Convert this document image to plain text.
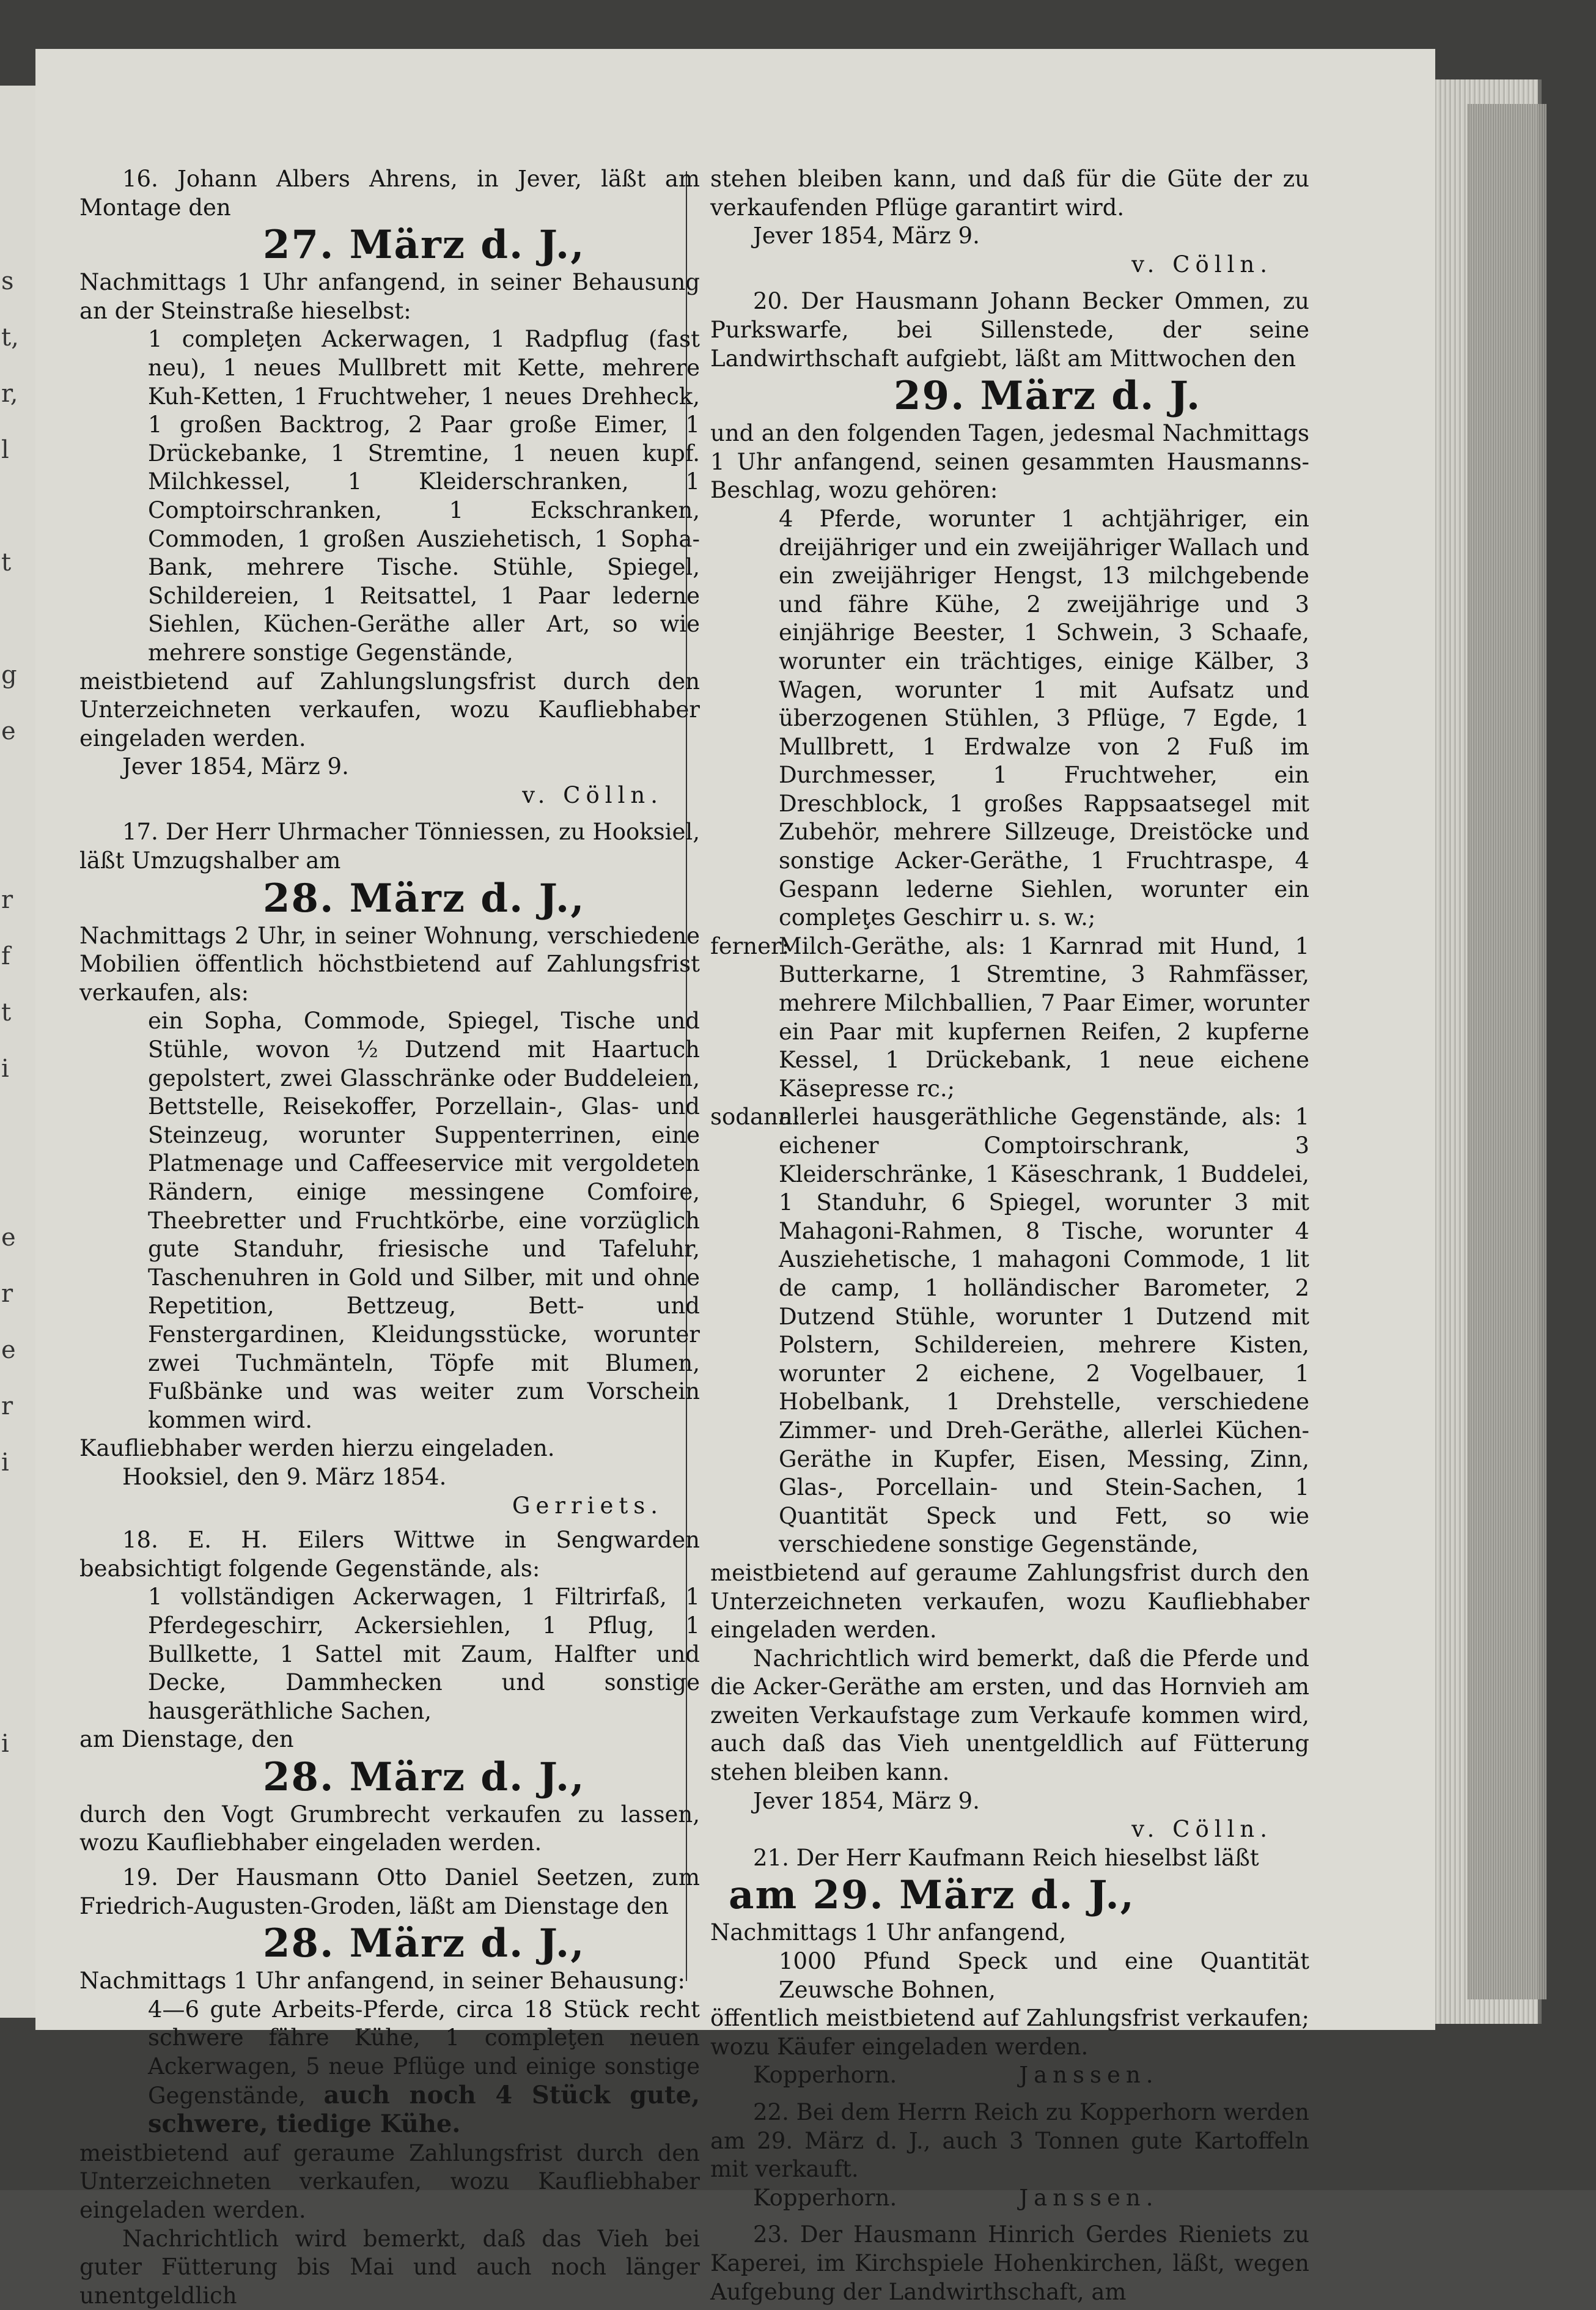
s
t,
r,
l
t
g
e
r
f
t
i
e
r
e
r
i
i

16. Johann Albers Ahrens, in Jever, läßt am Montage den

27. März d. J.,

Nachmittags 1 Uhr anfangend, in seiner Behausung an der Steinstraße hieselbst:

1 compleţen Ackerwagen, 1 Radpflug (fast neu), 1 neues Mullbrett mit Kette, mehrere Kuh-Ketten, 1 Fruchtweher, 1 neues Drehheck, 1 großen Backtrog, 2 Paar große Eimer, 1 Drückebanke, 1 Stremtine, 1 neuen kupf. Milchkessel, 1 Kleiderschranken, 1 Comptoirschranken, 1 Eckschranken, Commoden, 1 großen Ausziehetisch, 1 Sopha-Bank, mehrere Tische. Stühle, Spiegel, Schildereien, 1 Reitsattel, 1 Paar lederne Siehlen, Küchen-Geräthe aller Art, so wie mehrere sonstige Gegenstände,

meistbietend auf Zahlungslungsfrist durch den Unterzeichneten verkaufen, wozu Kaufliebhaber eingeladen werden.

Jever 1854, März 9.

v. Cölln.

17. Der Herr Uhrmacher Tönniessen, zu Hooksiel, läßt Umzugshalber am

28. März d. J.,

Nachmittags 2 Uhr, in seiner Wohnung, verschiedene Mobilien öffentlich höchstbietend auf Zahlungsfrist verkaufen, als:

ein Sopha, Commode, Spiegel, Tische und Stühle, wovon ½ Dutzend mit Haartuch gepolstert, zwei Glasschränke oder Buddeleien, Bettstelle, Reisekoffer, Porzellain-, Glas- und Steinzeug, worunter Suppenterrinen, eine Platmenage und Caffeeservice mit vergoldeten Rändern, einige messingene Comfoire, Theebretter und Fruchtkörbe, eine vorzüglich gute Standuhr, friesische und Tafeluhr, Taschenuhren in Gold und Silber, mit und ohne Repetition, Bettzeug, Bett- und Fenstergardinen, Kleidungsstücke, worunter zwei Tuchmänteln, Töpfe mit Blumen, Fußbänke und was weiter zum Vorschein kommen wird.

Kaufliebhaber werden hierzu eingeladen.

Hooksiel, den 9. März 1854.

Gerriets.

18. E. H. Eilers Wittwe in Sengwarden beabsichtigt folgende Gegenstände, als:

1 vollständigen Ackerwagen, 1 Filtrirfaß, 1 Pferdegeschirr, Ackersiehlen, 1 Pflug, 1 Bullkette, 1 Sattel mit Zaum, Halfter und Decke, Dammhecken und sonstige hausgeräthliche Sachen,

am Dienstage, den

28. März d. J.,

durch den Vogt Grumbrecht verkaufen zu lassen, wozu Kaufliebhaber eingeladen werden.

19. Der Hausmann Otto Daniel Seetzen, zum Friedrich-Augusten-Groden, läßt am Dienstage den

28. März d. J.,

Nachmittags 1 Uhr anfangend, in seiner Behausung:

4—6 gute Arbeits-Pferde, circa 18 Stück recht schwere fähre Kühe, 1 compleţen neuen Ackerwagen, 5 neue Pflüge und einige sonstige Gegenstände, auch noch 4 Stück gute, schwere, tiedige Kühe.

meistbietend auf geraume Zahlungsfrist durch den Unterzeichneten verkaufen, wozu Kaufliebhaber eingeladen werden.

Nachrichtlich wird bemerkt, daß das Vieh bei guter Fütterung bis Mai und auch noch länger unentgeldlich

stehen bleiben kann, und daß für die Güte der zu verkaufenden Pflüge garantirt wird.

Jever 1854, März 9.

v. Cölln.

20. Der Hausmann Johann Becker Ommen, zu Purkswarfe, bei Sillenstede, der seine Landwirthschaft aufgiebt, läßt am Mittwochen den

29. März d. J.

und an den folgenden Tagen, jedesmal Nachmittags 1 Uhr anfangend, seinen gesammten Hausmanns-Beschlag, wozu gehören:

4 Pferde, worunter 1 achtjähriger, ein dreijähriger und ein zweijähriger Wallach und ein zweijähriger Hengst, 13 milchgebende und fähre Kühe, 2 zweijährige und 3 einjährige Beester, 1 Schwein, 3 Schaafe, worunter ein trächtiges, einige Kälber, 3 Wagen, worunter 1 mit Aufsatz und überzogenen Stühlen, 3 Pflüge, 7 Egde, 1 Mullbrett, 1 Erdwalze von 2 Fuß im Durchmesser, 1 Fruchtweher, ein Dreschblock, 1 großes Rappsaatsegel mit Zubehör, mehrere Sillzeuge, Dreistöcke und sonstige Acker-Geräthe, 1 Fruchtraspe, 4 Gespann lederne Siehlen, worunter ein compleţes Geschirr u. s. w.;

ferner:Milch-Geräthe, als: 1 Karnrad mit Hund, 1 Butterkarne, 1 Stremtine, 3 Rahmfässer, mehrere Milchballien, 7 Paar Eimer, worunter ein Paar mit kupfernen Reifen, 2 kupferne Kessel, 1 Drückebank, 1 neue eichene Käsepresse rc.;

sodann:allerlei hausgeräthliche Gegenstände, als: 1 eichener Comptoirschrank, 3 Kleiderschränke, 1 Käseschrank, 1 Buddelei, 1 Standuhr, 6 Spiegel, worunter 3 mit Mahagoni-Rahmen, 8 Tische, worunter 4 Ausziehetische, 1 mahagoni Commode, 1 lit de camp, 1 holländischer Barometer, 2 Dutzend Stühle, worunter 1 Dutzend mit Polstern, Schildereien, mehrere Kisten, worunter 2 eichene, 2 Vogelbauer, 1 Hobelbank, 1 Drehstelle, verschiedene Zimmer- und Dreh-Geräthe, allerlei Küchen-Geräthe in Kupfer, Eisen, Messing, Zinn, Glas-, Porcellain- und Stein-Sachen, 1 Quantität Speck und Fett, so wie verschiedene sonstige Gegenstände,

meistbietend auf geraume Zahlungsfrist durch den Unterzeichneten verkaufen, wozu Kaufliebhaber eingeladen werden.

Nachrichtlich wird bemerkt, daß die Pferde und die Acker-Geräthe am ersten, und das Hornvieh am zweiten Verkaufstage zum Verkaufe kommen wird, auch daß das Vieh unentgeldlich auf Fütterung stehen bleiben kann.

Jever 1854, März 9.

v. Cölln.

21. Der Herr Kaufmann Reich hieselbst läßt

am 29. März d. J.,

Nachmittags 1 Uhr anfangend,

1000 Pfund Speck und eine Quantität Zeuwsche Bohnen,

öffentlich meistbietend auf Zahlungsfrist verkaufen; wozu Käufer eingeladen werden.

Kopperhorn.	Janssen.

22. Bei dem Herrn Reich zu Kopperhorn werden am 29. März d. J., auch 3 Tonnen gute Kartoffeln mit verkauft.

Kopperhorn.	Janssen.

23. Der Hausmann Hinrich Gerdes Rieniets zu Kaperei, im Kirchspiele Hohenkirchen, läßt, wegen Aufgebung der Landwirthschaft, am
